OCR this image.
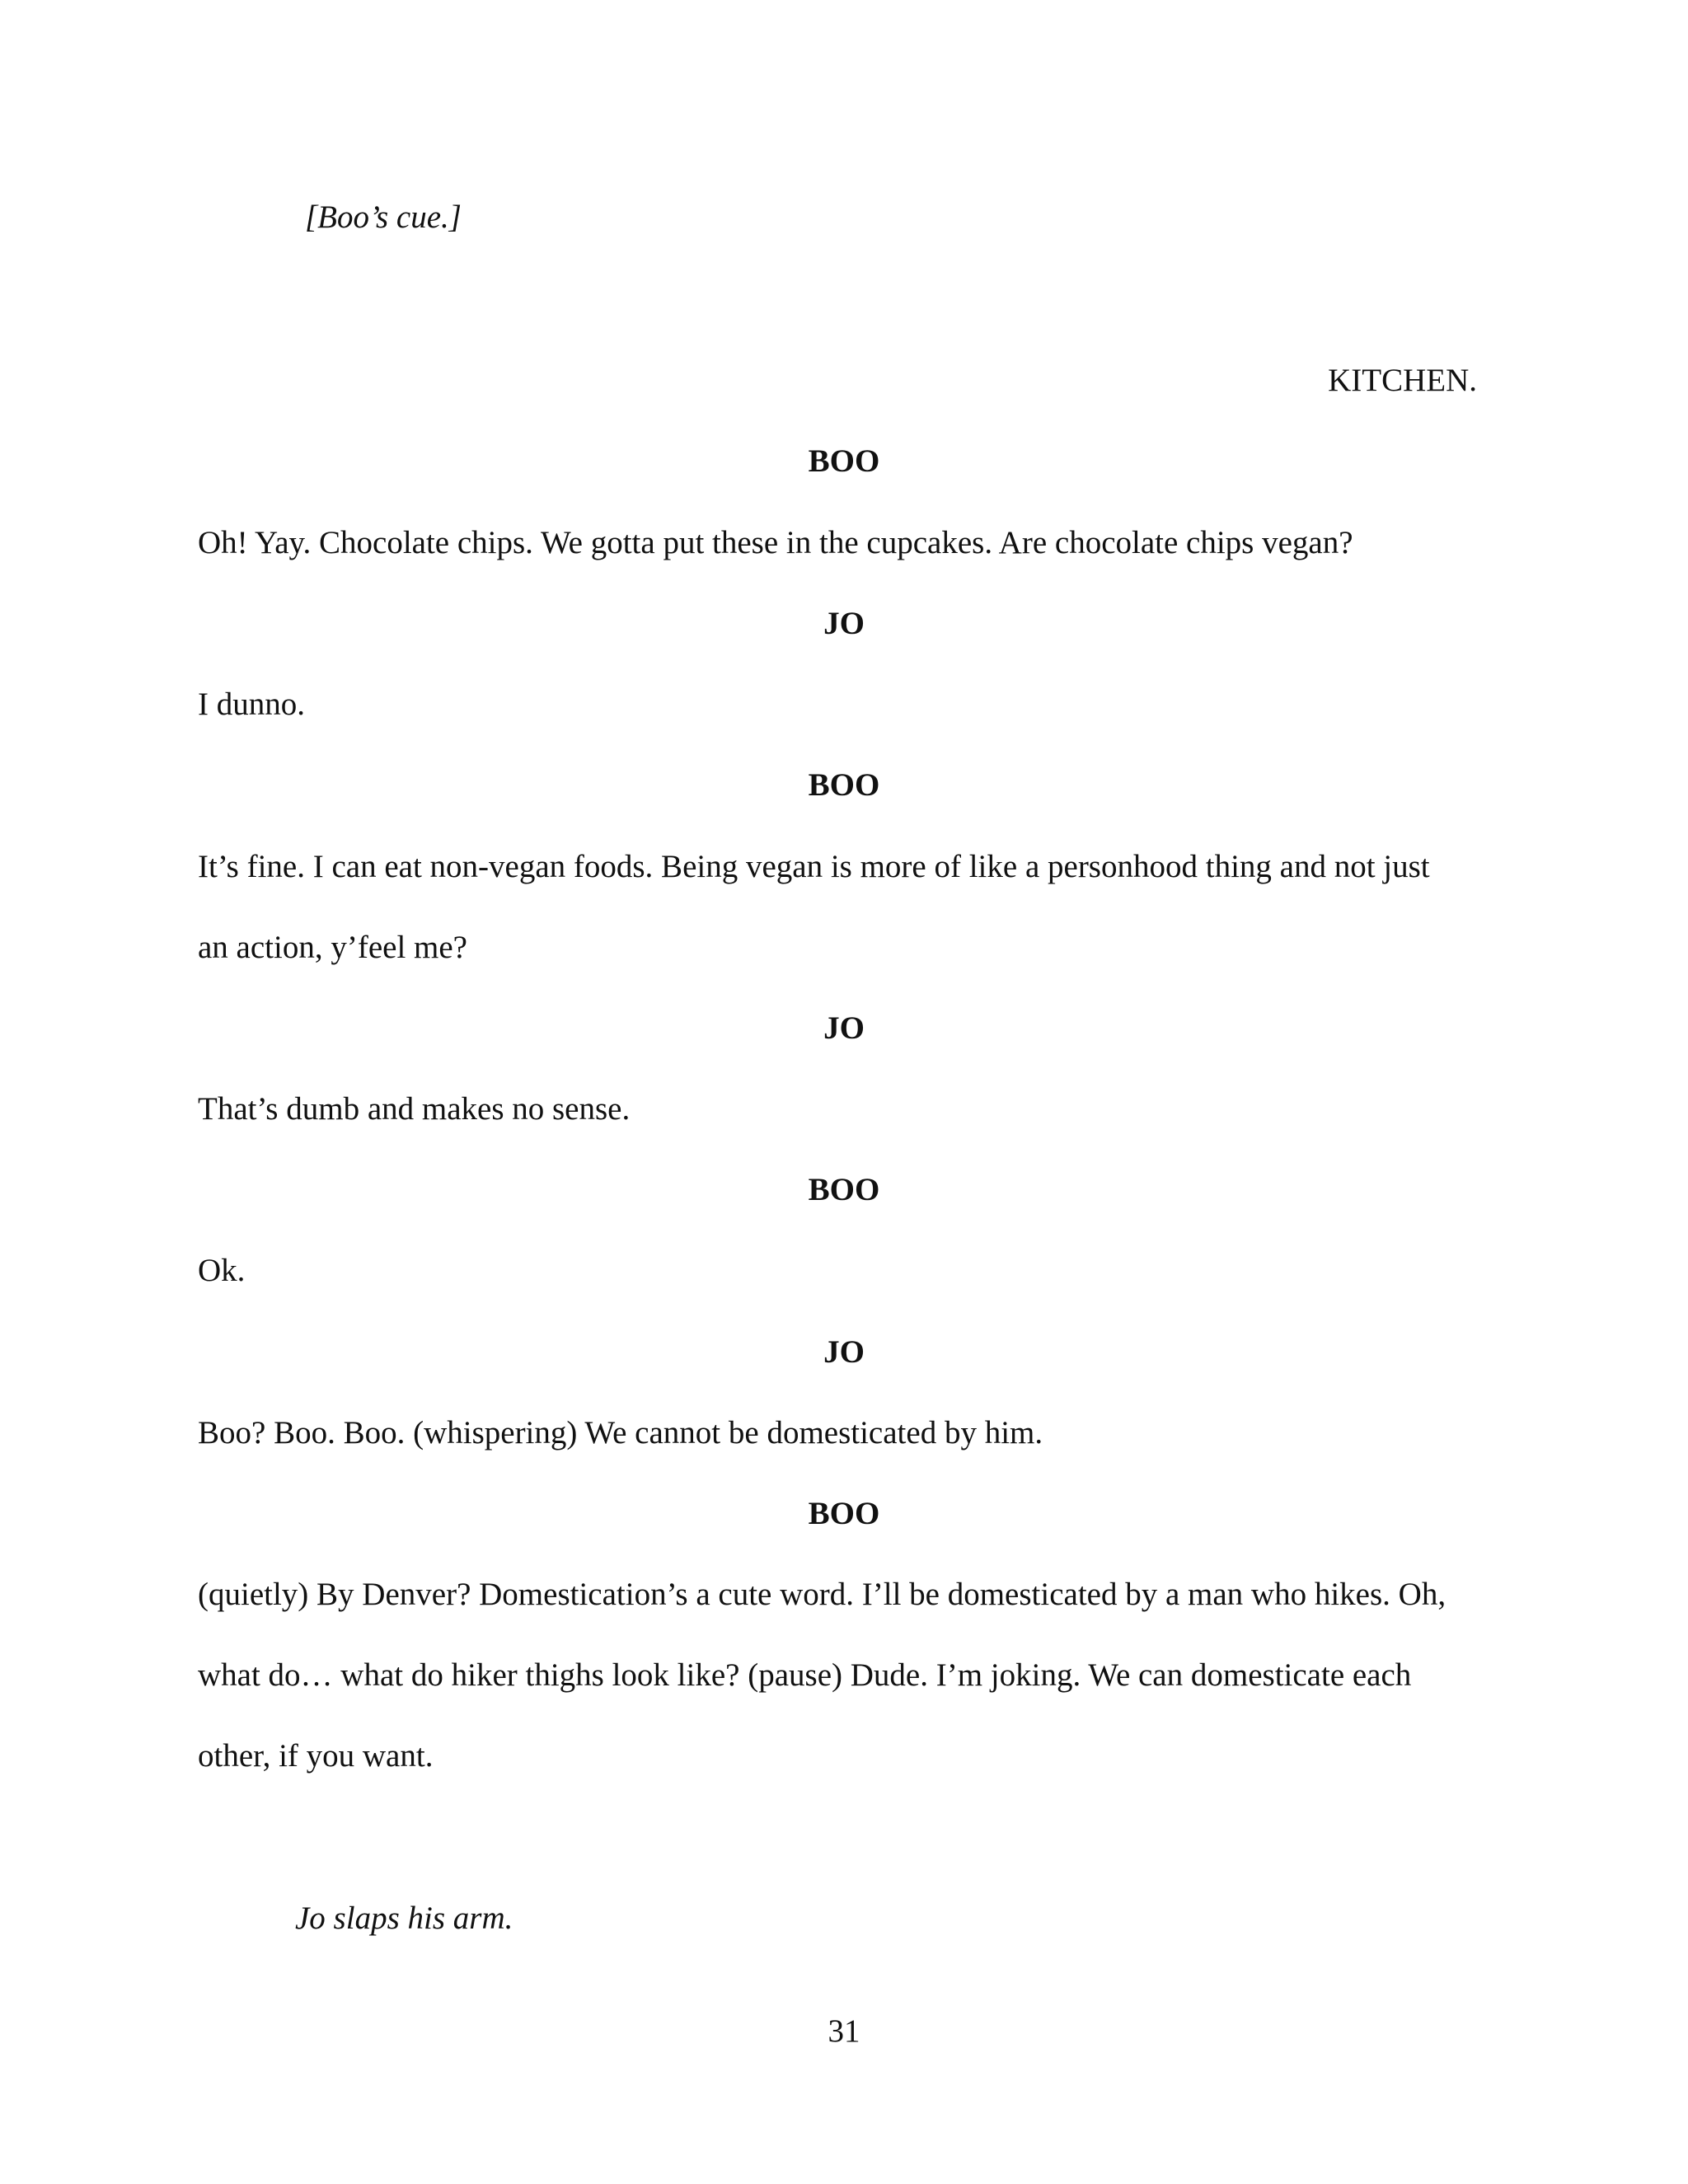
[Boo’s cue.]
KITCHEN.
BOO
Oh! Yay. Chocolate chips. We gotta put these in the cupcakes. Are chocolate chips vegan?
JO
I dunno.
BOO
It’s fine. I can eat non-vegan foods. Being vegan is more of like a personhood thing and not just
an action, y’feel me?
JO
That’s dumb and makes no sense.
BOO
Ok.
JO
Boo? Boo. Boo. (whispering) We cannot be domesticated by him.
BOO
(quietly) By Denver? Domestication’s a cute word. I’ll be domesticated by a man who hikes. Oh,
what do… what do hiker thighs look like? (pause) Dude. I’m joking. We can domesticate each
other, if you want.
Jo slaps his arm.
31
